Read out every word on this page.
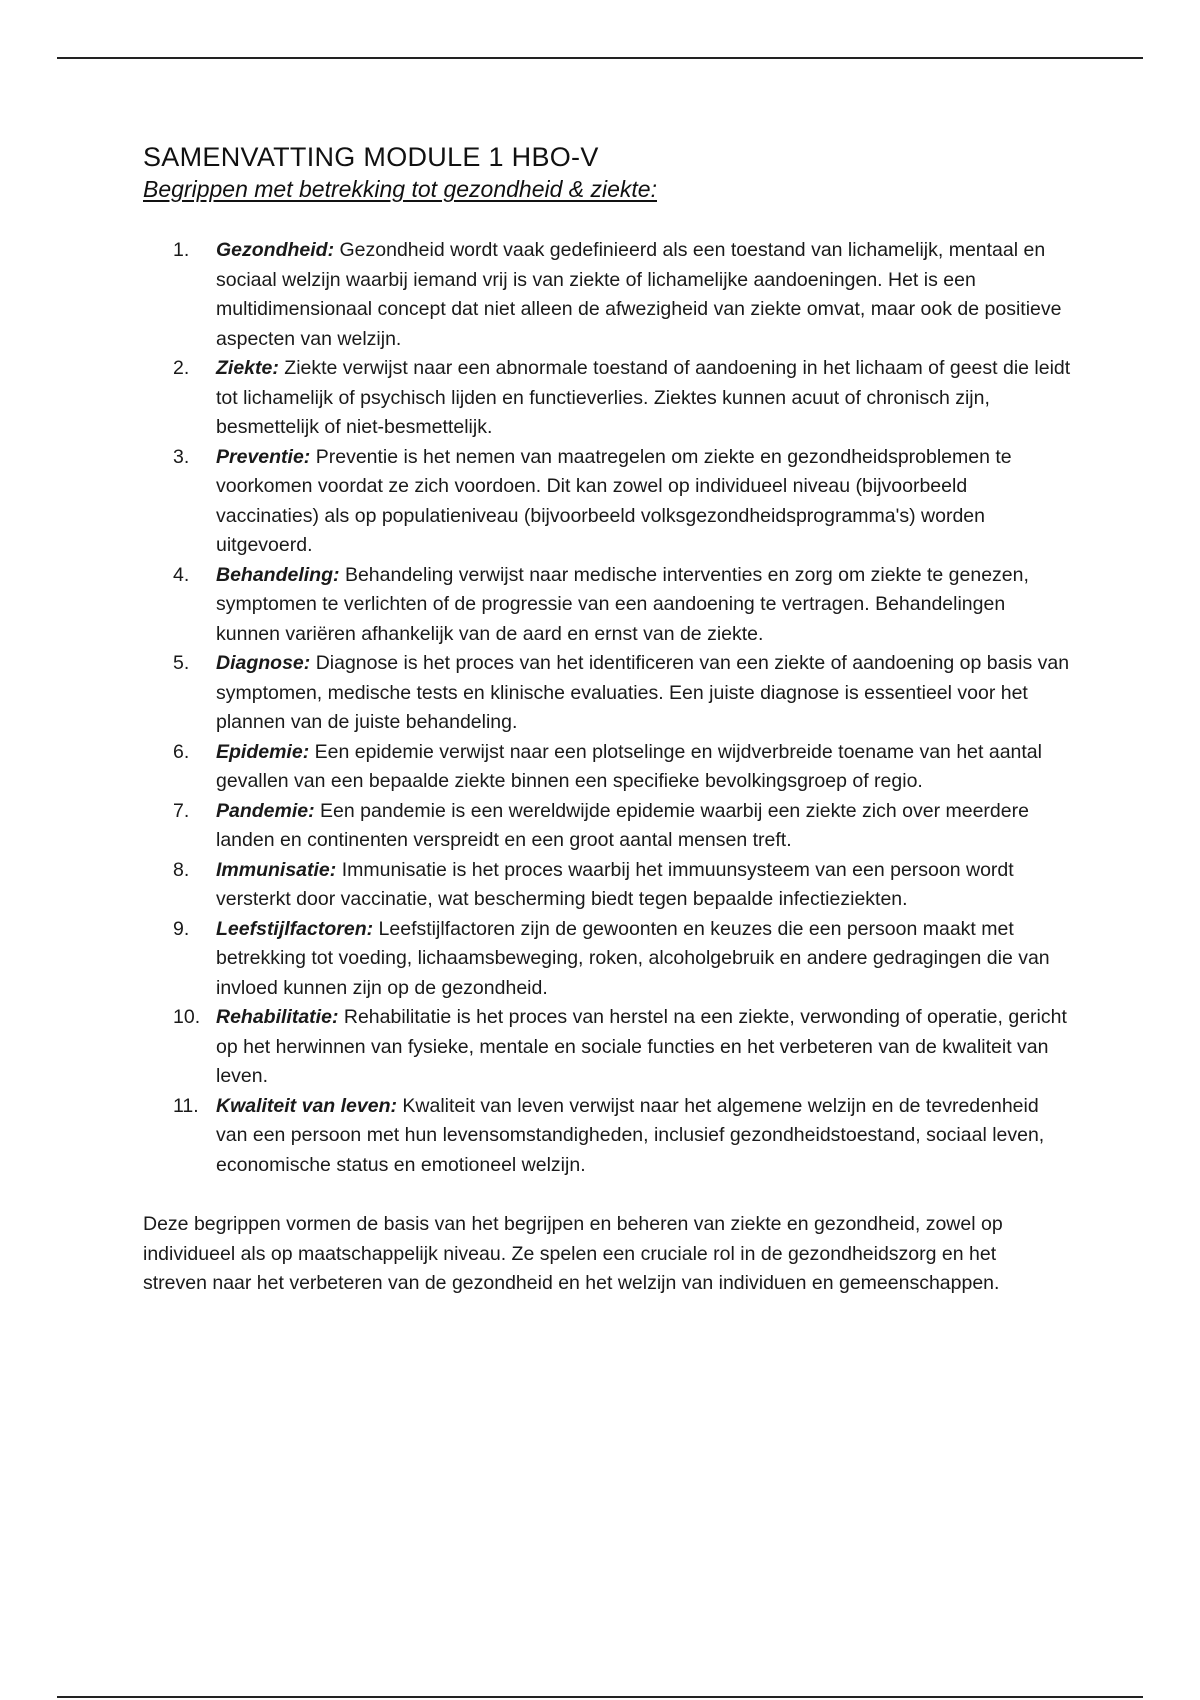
SAMENVATTING MODULE 1 HBO-V
Begrippen met betrekking tot gezondheid & ziekte:
1.	Gezondheid: Gezondheid wordt vaak gedefinieerd als een toestand van lichamelijk, mentaal en sociaal welzijn waarbij iemand vrij is van ziekte of lichamelijke aandoeningen. Het is een multidimensionaal concept dat niet alleen de afwezigheid van ziekte omvat, maar ook de positieve aspecten van welzijn.
2.	Ziekte: Ziekte verwijst naar een abnormale toestand of aandoening in het lichaam of geest die leidt tot lichamelijk of psychisch lijden en functieverlies. Ziektes kunnen acuut of chronisch zijn, besmettelijk of niet-besmettelijk.
3.	Preventie: Preventie is het nemen van maatregelen om ziekte en gezondheidsproblemen te voorkomen voordat ze zich voordoen. Dit kan zowel op individueel niveau (bijvoorbeeld vaccinaties) als op populatieniveau (bijvoorbeeld volksgezondheidsprogramma's) worden uitgevoerd.
4.	Behandeling: Behandeling verwijst naar medische interventies en zorg om ziekte te genezen, symptomen te verlichten of de progressie van een aandoening te vertragen. Behandelingen kunnen variëren afhankelijk van de aard en ernst van de ziekte.
5.	Diagnose: Diagnose is het proces van het identificeren van een ziekte of aandoening op basis van symptomen, medische tests en klinische evaluaties. Een juiste diagnose is essentieel voor het plannen van de juiste behandeling.
6.	Epidemie: Een epidemie verwijst naar een plotselinge en wijdverbreide toename van het aantal gevallen van een bepaalde ziekte binnen een specifieke bevolkingsgroep of regio.
7.	Pandemie: Een pandemie is een wereldwijde epidemie waarbij een ziekte zich over meerdere landen en continenten verspreidt en een groot aantal mensen treft.
8.	Immunisatie: Immunisatie is het proces waarbij het immuunsysteem van een persoon wordt versterkt door vaccinatie, wat bescherming biedt tegen bepaalde infectieziekten.
9.	Leefstijlfactoren: Leefstijlfactoren zijn de gewoonten en keuzes die een persoon maakt met betrekking tot voeding, lichaamsbeweging, roken, alcoholgebruik en andere gedragingen die van invloed kunnen zijn op de gezondheid.
10. Rehabilitatie: Rehabilitatie is het proces van herstel na een ziekte, verwonding of operatie, gericht op het herwinnen van fysieke, mentale en sociale functies en het verbeteren van de kwaliteit van leven.
11. Kwaliteit van leven: Kwaliteit van leven verwijst naar het algemene welzijn en de tevredenheid van een persoon met hun levensomstandigheden, inclusief gezondheidstoestand, sociaal leven, economische status en emotioneel welzijn.

Deze begrippen vormen de basis van het begrijpen en beheren van ziekte en gezondheid, zowel op individueel als op maatschappelijk niveau. Ze spelen een cruciale rol in de gezondheidszorg en het streven naar het verbeteren van de gezondheid en het welzijn van individuen en gemeenschappen.
